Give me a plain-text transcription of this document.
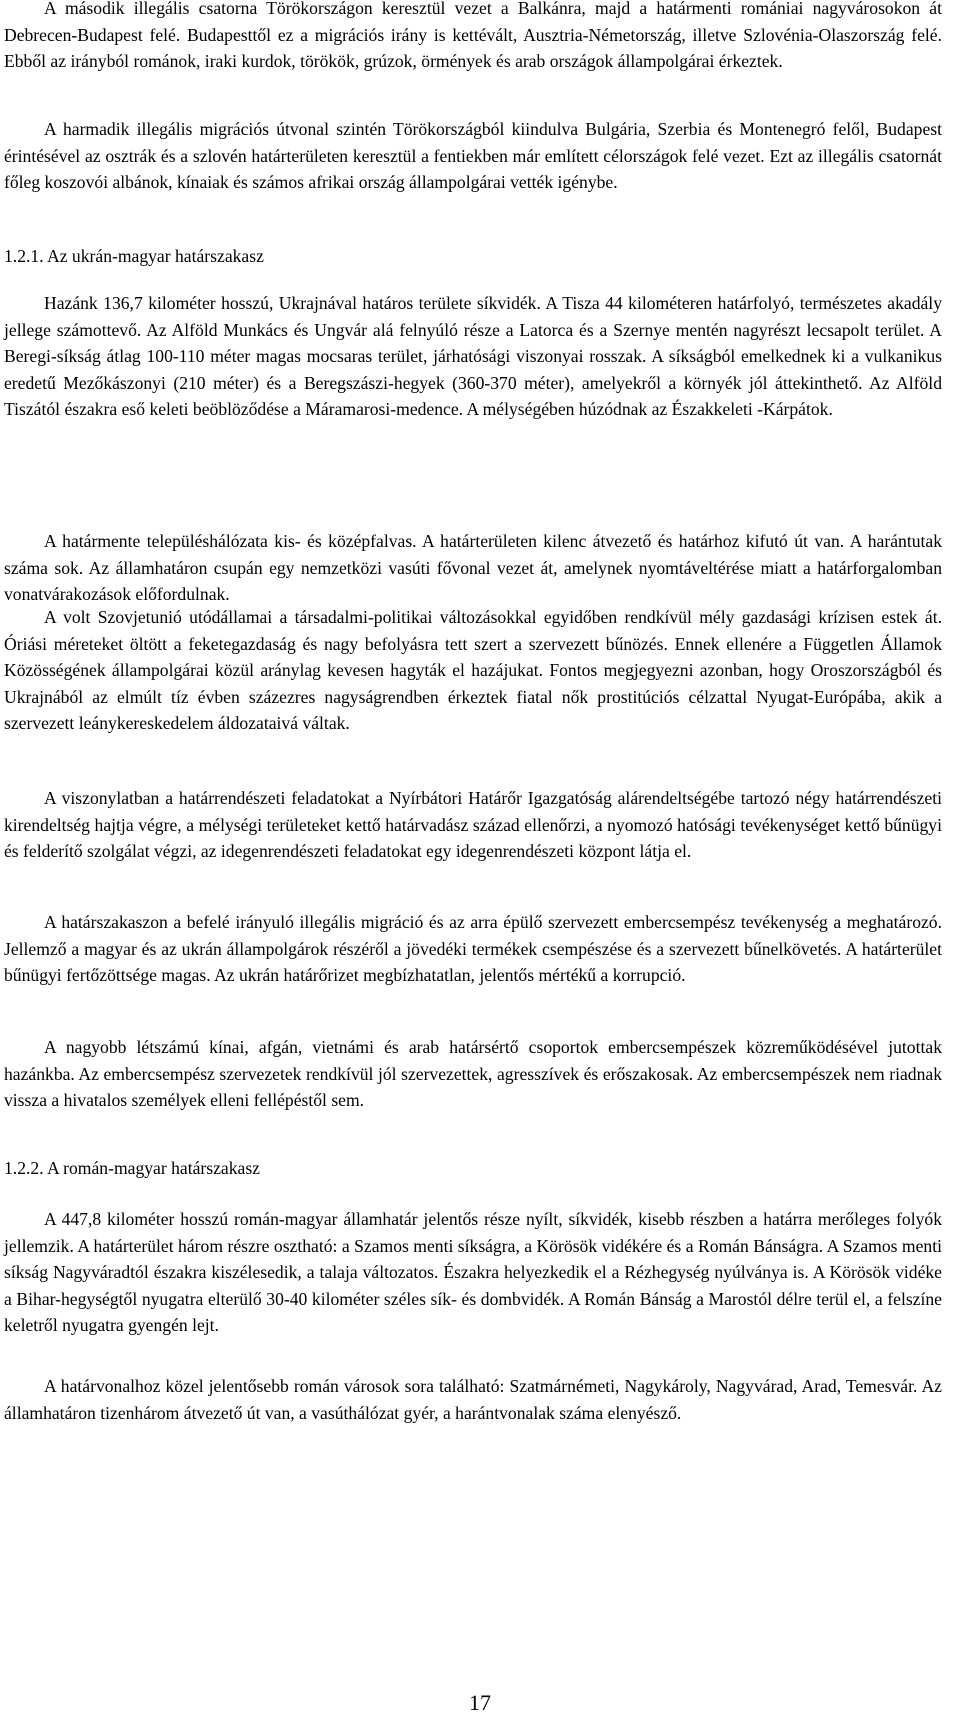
A második illegális csatorna Törökországon keresztül vezet a Balkánra, majd a határmenti romániai nagyvárosokon át Debrecen-Budapest felé. Budapesttől ez a migrációs irány is kettévált, Ausztria-Németország, illetve Szlovénia-Olaszország felé. Ebből az irányból románok, iraki kurdok, törökök, grúzok, örmények és arab országok állampolgárai érkeztek.

A harmadik illegális migrációs útvonal szintén Törökországból kiindulva Bulgária, Szerbia és Montenegró felől, Budapest érintésével az osztrák és a szlovén határterületen keresztül a fentiekben már említett célországok felé vezet. Ezt az illegális csatornát főleg koszovói albánok, kínaiak és számos afrikai ország állampolgárai vették igénybe.

1.2.1. Az ukrán-magyar határszakasz

Hazánk 136,7 kilométer hosszú, Ukrajnával határos területe síkvidék. A Tisza 44 kilométeren határfolyó, természetes akadály jellege számottevő. Az Alföld Munkács és Ungvár alá felnyúló része a Latorca és a Szernye mentén nagyrészt lecsapolt terület. A Beregi-síkság átlag 100-110 méter magas mocsaras terület, járhatósági viszonyai rosszak. A síkságból emelkednek ki a vulkanikus eredetű Mezőkászonyi (210 méter) és a Beregszászi-hegyek (360-370 méter), amelyekről a környék jól áttekinthető. Az Alföld Tiszától északra eső keleti beöblöződése a Máramarosi-medence. A mélységében húzódnak az Északkeleti -Kárpátok.

A határmente településhálózata kis- és középfalvas. A határterületen kilenc átvezető és határhoz kifutó út van. A harántutak száma sok. Az államhatáron csupán egy nemzetközi vasúti fővonal vezet át, amelynek nyomtáveltérése miatt a határforgalomban vonatvárakozások előfordulnak.

A volt Szovjetunió utódállamai a társadalmi-politikai változásokkal egyidőben rendkívül mély gazdasági krízisen estek át. Óriási méreteket öltött a feketegazdaság és nagy befolyásra tett szert a szervezett bűnözés. Ennek ellenére a Független Államok Közösségének állampolgárai közül aránylag kevesen hagyták el hazájukat. Fontos megjegyezni azonban, hogy Oroszországból és Ukrajnából az elmúlt tíz évben százezres nagyságrendben érkeztek fiatal nők prostitúciós célzattal Nyugat-Európába, akik a szervezett leánykereskedelem áldozataivá váltak.

A viszonylatban a határrendészeti feladatokat a Nyírbátori Határőr Igazgatóság alárendeltségébe tartozó négy határrendészeti kirendeltség hajtja végre, a mélységi területeket kettő határvadász század ellenőrzi, a nyomozó hatósági tevékenységet kettő bűnügyi és felderítő szolgálat végzi, az idegenrendészeti feladatokat egy idegenrendészeti központ látja el.

A határszakaszon a befelé irányuló illegális migráció és az arra épülő szervezett embercsempész tevékenység a meghatározó. Jellemző a magyar és az ukrán állampolgárok részéről a jövedéki termékek csempészése és a szervezett bűnelkövetés. A határterület bűnügyi fertőzöttsége magas. Az ukrán határőrizet megbízhatatlan, jelentős mértékű a korrupció.

A nagyobb létszámú kínai, afgán, vietnámi és arab határsértő csoportok embercsempészek közreműködésével jutottak hazánkba. Az embercsempész szervezetek rendkívül jól szervezettek, agresszívek és erőszakosak. Az embercsempészek nem riadnak vissza a hivatalos személyek elleni fellépéstől sem.

1.2.2. A román-magyar határszakasz

A 447,8 kilométer hosszú román-magyar államhatár jelentős része nyílt, síkvidék, kisebb részben a határra merőleges folyók jellemzik. A határterület három részre osztható: a Szamos menti síkságra, a Körösök vidékére és a Román Bánságra. A Szamos menti síkság Nagyváradtól északra kiszélesedik, a talaja változatos. Északra helyezkedik el a Rézhegység nyúlványa is. A Körösök vidéke a Bihar-hegységtől nyugatra elterülő 30-40 kilométer széles sík- és dombvidék. A Román Bánság a Marostól délre terül el, a felszíne keletről nyugatra gyengén lejt.

A határvonalhoz közel jelentősebb román városok sora található: Szatmárnémeti, Nagykároly, Nagyvárad, Arad, Temesvár. Az államhatáron tizenhárom átvezető út van, a vasúthálózat gyér, a harántvonalak száma elenyésző.

17
